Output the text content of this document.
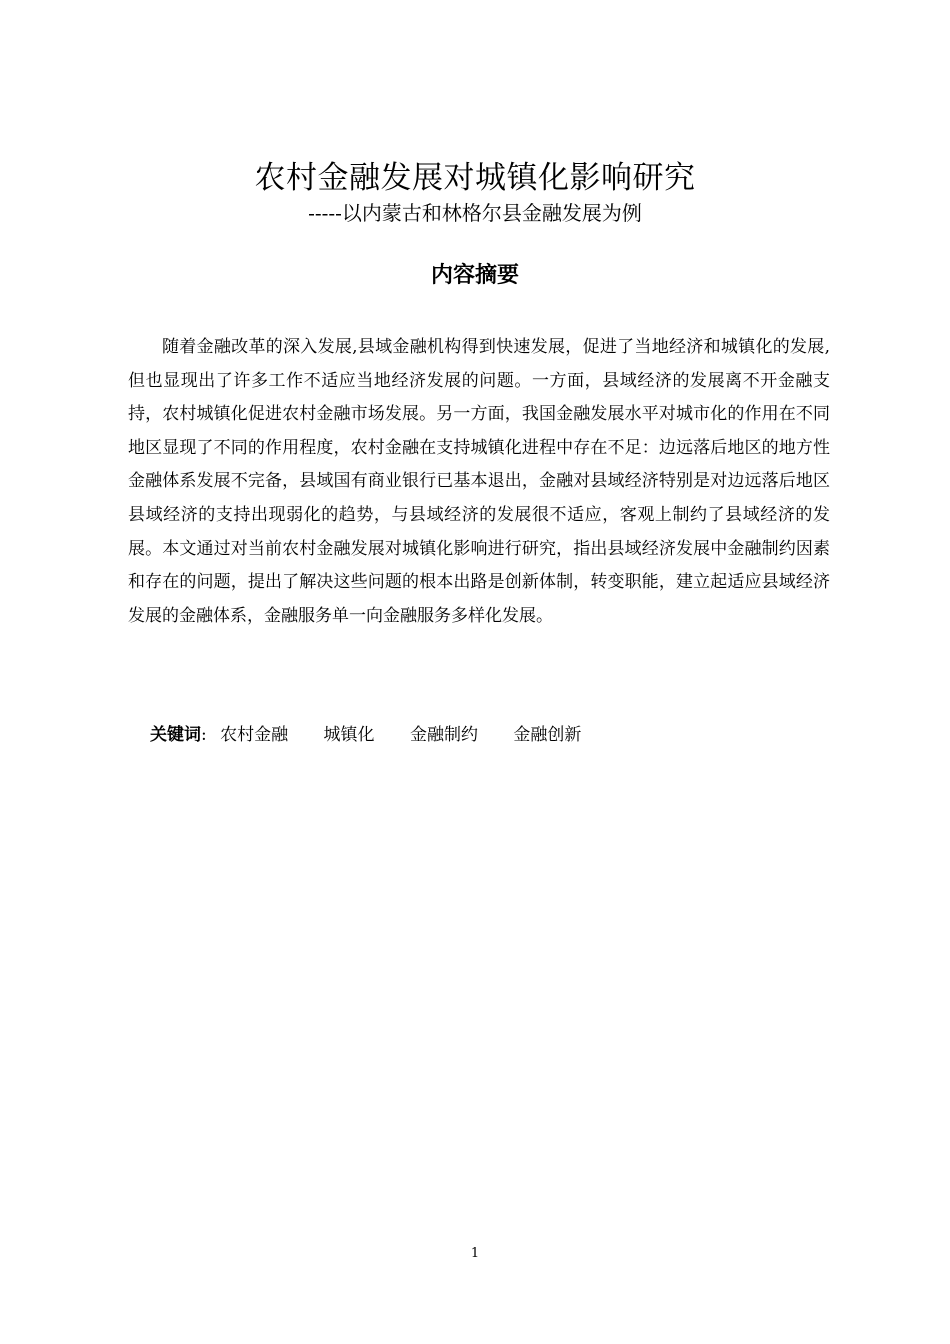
农村金融发展对城镇化影响研究
-----以内蒙古和林格尔县金融发展为例
内容摘要

随着金融改革的深入发展,县域金融机构得到快速发展，促进了当地经济和城镇化的发展,但也显现出了许多工作不适应当地经济发展的问题。一方面，县域经济的发展离不开金融支持，农村城镇化促进农村金融市场发展。另一方面，我国金融发展水平对城市化的作用在不同地区显现了不同的作用程度，农村金融在支持城镇化进程中存在不足：边远落后地区的地方性金融体系发展不完备，县域国有商业银行已基本退出，金融对县域经济特别是对边远落后地区县域经济的支持出现弱化的趋势，与县域经济的发展很不适应，客观上制约了县域经济的发展。本文通过对当前农村金融发展对城镇化影响进行研究，指出县域经济发展中金融制约因素和存在的问题，提出了解决这些问题的根本出路是创新体制，转变职能，建立起适应县域经济发展的金融体系，金融服务单一向金融服务多样化发展。

关键词: 农村金融 城镇化 金融制约 金融创新
1
